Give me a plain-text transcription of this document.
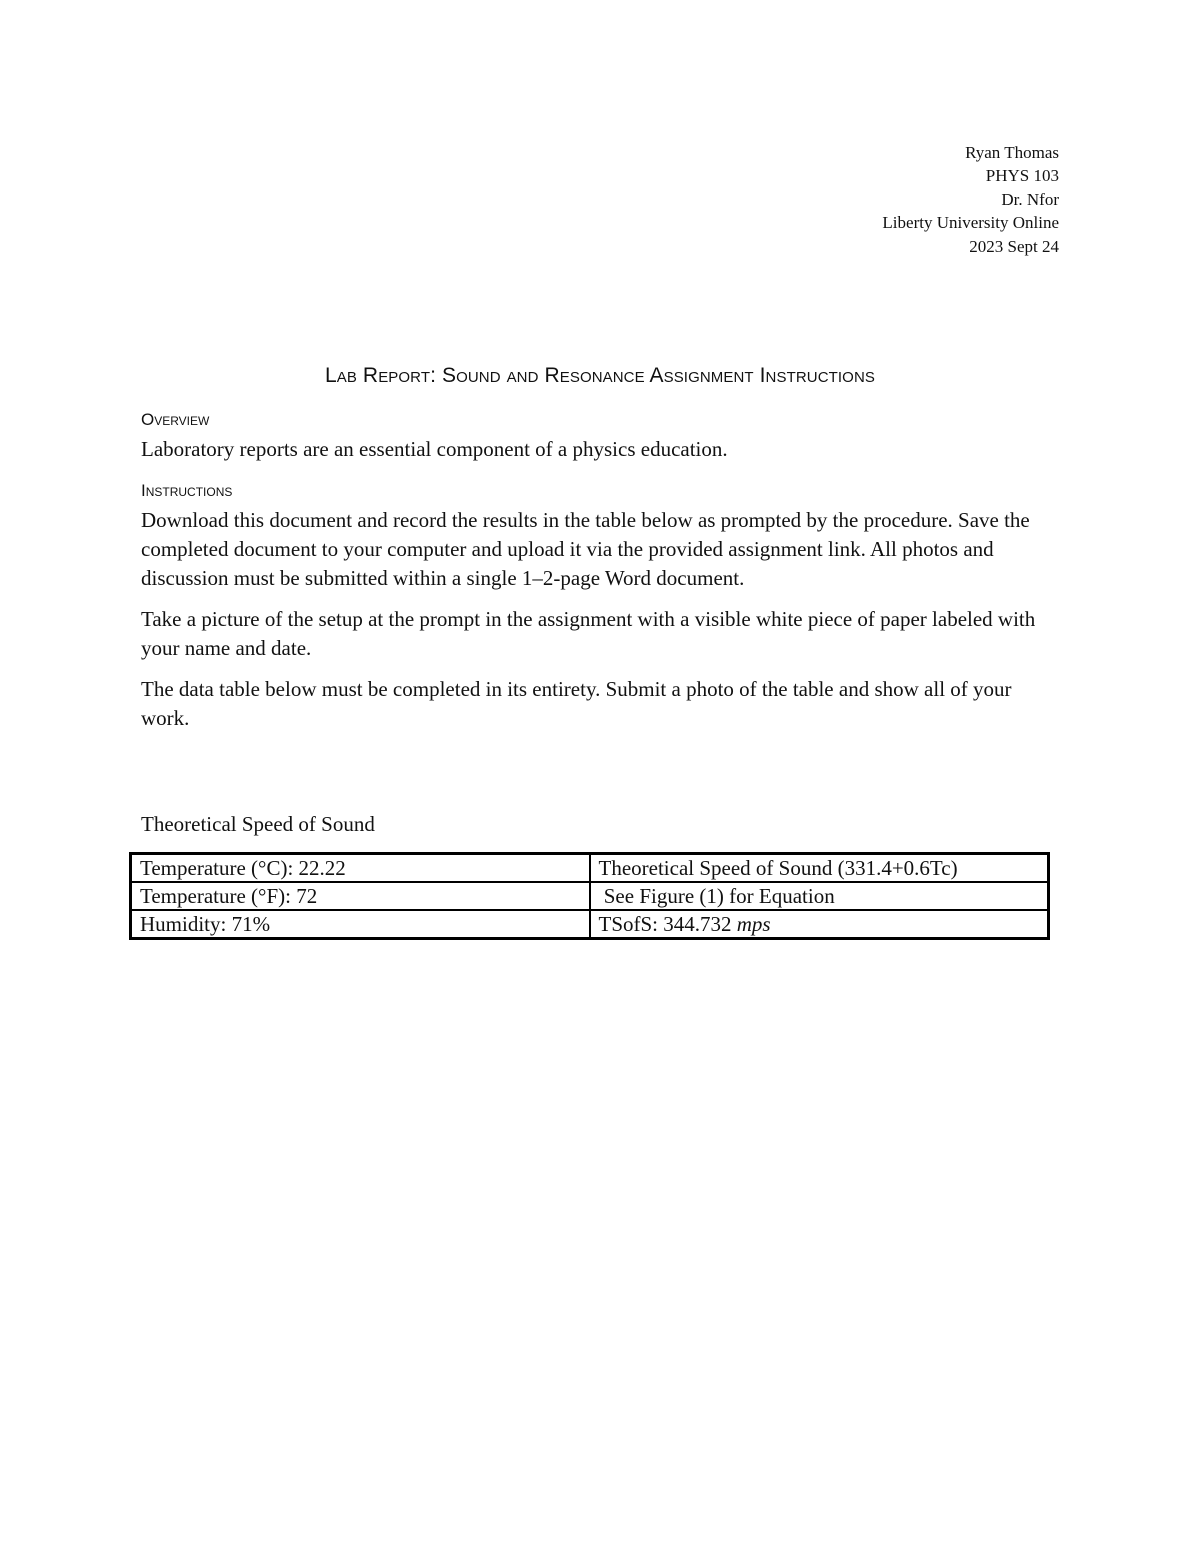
Ryan Thomas
PHYS 103
Dr. Nfor
Liberty University Online
2023 Sept 24
Lab Report: Sound and Resonance Assignment Instructions
Overview

Laboratory reports are an essential component of a physics education.

Instructions

Download this document and record the results in the table below as prompted by the procedure. Save the completed document to your computer and upload it via the provided assignment link. All photos and discussion must be submitted within a single 1–2-page Word document.

Take a picture of the setup at the prompt in the assignment with a visible white piece of paper labeled with your name and date.

The data table below must be completed in its entirety. Submit a photo of the table and show all of your work.

Theoretical Speed of Sound
Temperature (°C): 22.22	Theoretical Speed of Sound (331.4+0.6Tc)
Temperature (°F): 72	See Figure (1) for Equation
Humidity: 71%	TSofS: 344.732 mps
